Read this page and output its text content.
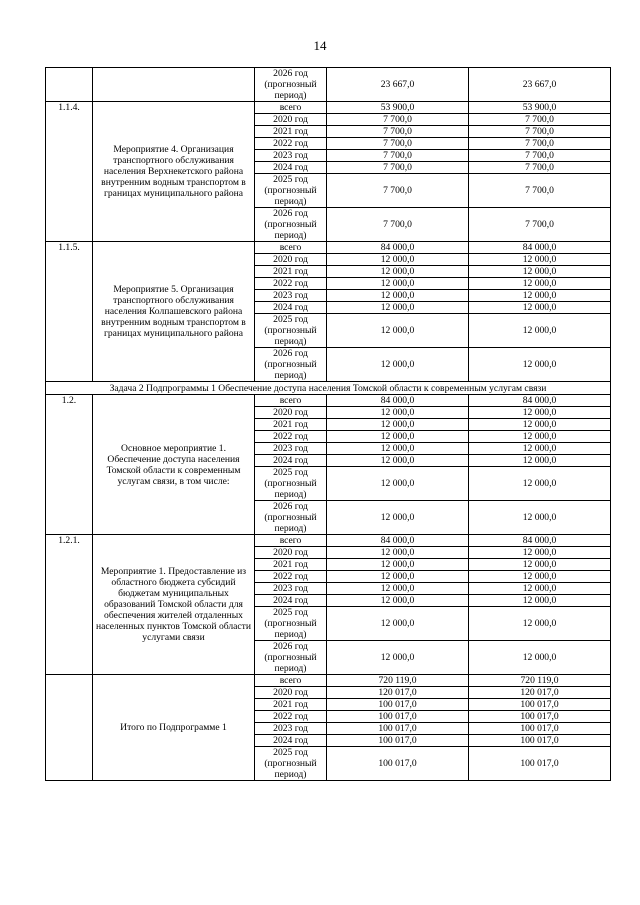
14
		2026 год (прогнозный период)	23 667,0	23 667,0
1.1.4.	Мероприятие 4. Организация транспортного обслуживания населения Верхнекетского района внутренним водным транспортом в границах муниципального района	всего	53 900,0	53 900,0
		2020 год	7 700,0	7 700,0
		2021 год	7 700,0	7 700,0
		2022 год	7 700,0	7 700,0
		2023 год	7 700,0	7 700,0
		2024 год	7 700,0	7 700,0
		2025 год (прогнозный период)	7 700,0	7 700,0
		2026 год (прогнозный период)	7 700,0	7 700,0
1.1.5.	Мероприятие 5. Организация транспортного обслуживания населения Колпашевского района внутренним водным транспортом в границах муниципального района	всего	84 000,0	84 000,0
		2020 год	12 000,0	12 000,0
		2021 год	12 000,0	12 000,0
		2022 год	12 000,0	12 000,0
		2023 год	12 000,0	12 000,0
		2024 год	12 000,0	12 000,0
		2025 год (прогнозный период)	12 000,0	12 000,0
		2026 год (прогнозный период)	12 000,0	12 000,0
Задача 2 Подпрограммы 1 Обеспечение доступа населения Томской области к современным услугам связи				
1.2.	Основное мероприятие 1. Обеспечение доступа населения Томской области к современным услугам связи, в том числе:	всего	84 000,0	84 000,0
		2020 год	12 000,0	12 000,0
		2021 год	12 000,0	12 000,0
		2022 год	12 000,0	12 000,0
		2023 год	12 000,0	12 000,0
		2024 год	12 000,0	12 000,0
		2025 год (прогнозный период)	12 000,0	12 000,0
		2026 год (прогнозный период)	12 000,0	12 000,0
1.2.1.	Мероприятие 1. Предоставление из областного бюджета субсидий бюджетам муниципальных образований Томской области для обеспечения жителей отдаленных населенных пунктов Томской области услугами связи	всего	84 000,0	84 000,0
		2020 год	12 000,0	12 000,0
		2021 год	12 000,0	12 000,0
		2022 год	12 000,0	12 000,0
		2023 год	12 000,0	12 000,0
		2024 год	12 000,0	12 000,0
		2025 год (прогнозный период)	12 000,0	12 000,0
		2026 год (прогнозный период)	12 000,0	12 000,0
	Итого по Подпрограмме 1	всего	720 119,0	720 119,0
		2020 год	120 017,0	120 017,0
		2021 год	100 017,0	100 017,0
		2022 год	100 017,0	100 017,0
		2023 год	100 017,0	100 017,0
		2024 год	100 017,0	100 017,0
		2025 год (прогнозный период)	100 017,0	100 017,0
